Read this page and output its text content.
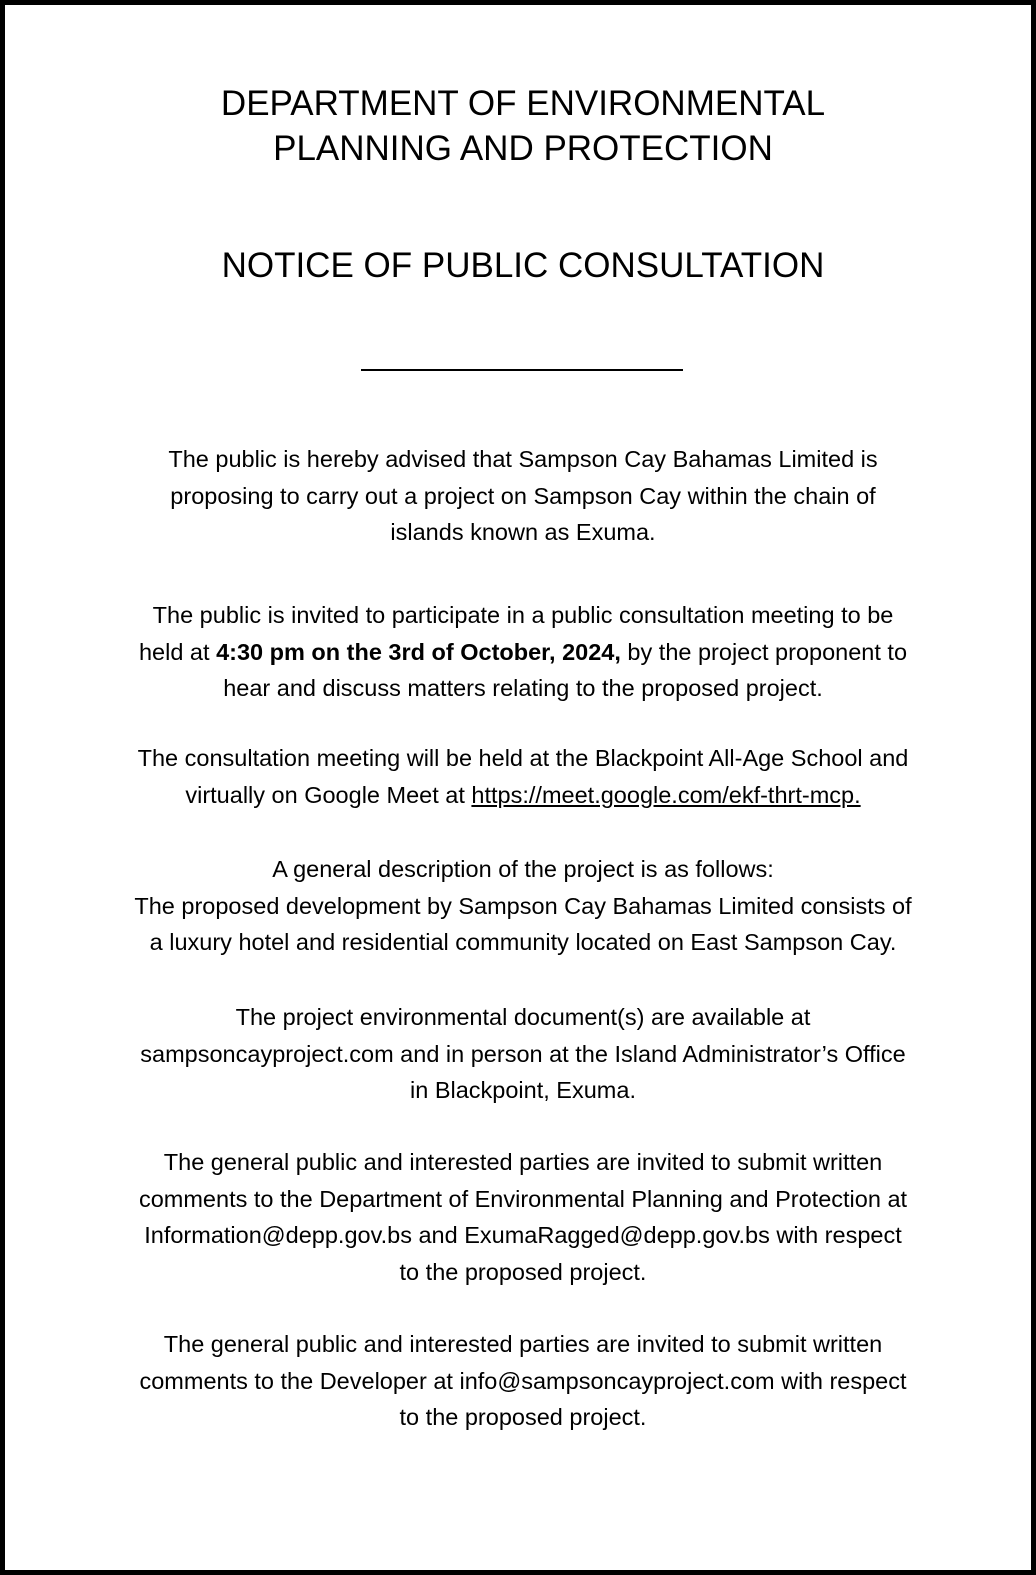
DEPARTMENT OF ENVIRONMENTAL
PLANNING AND PROTECTION
NOTICE OF PUBLIC CONSULTATION

The public is hereby advised that Sampson Cay Bahamas Limited is
proposing to carry out a project on Sampson Cay within the chain of
islands known as Exuma.

The public is invited to participate in a public consultation meeting to be
held at 4:30 pm on the 3rd of October, 2024, by the project proponent to
hear and discuss matters relating to the proposed project.

The consultation meeting will be held at the Blackpoint All-Age School and
virtually on Google Meet at https://meet.google.com/ekf-thrt-mcp.

A general description of the project is as follows:
The proposed development by Sampson Cay Bahamas Limited consists of
a luxury hotel and residential community located on East Sampson Cay.

The project environmental document(s) are available at
sampsoncayproject.com and in person at the Island Administrator’s Office
in Blackpoint, Exuma.

The general public and interested parties are invited to submit written
comments to the Department of Environmental Planning and Protection at
Information@depp.gov.bs and ExumaRagged@depp.gov.bs with respect
to the proposed project.

The general public and interested parties are invited to submit written
comments to the Developer at info@sampsoncayproject.com with respect
to the proposed project.
